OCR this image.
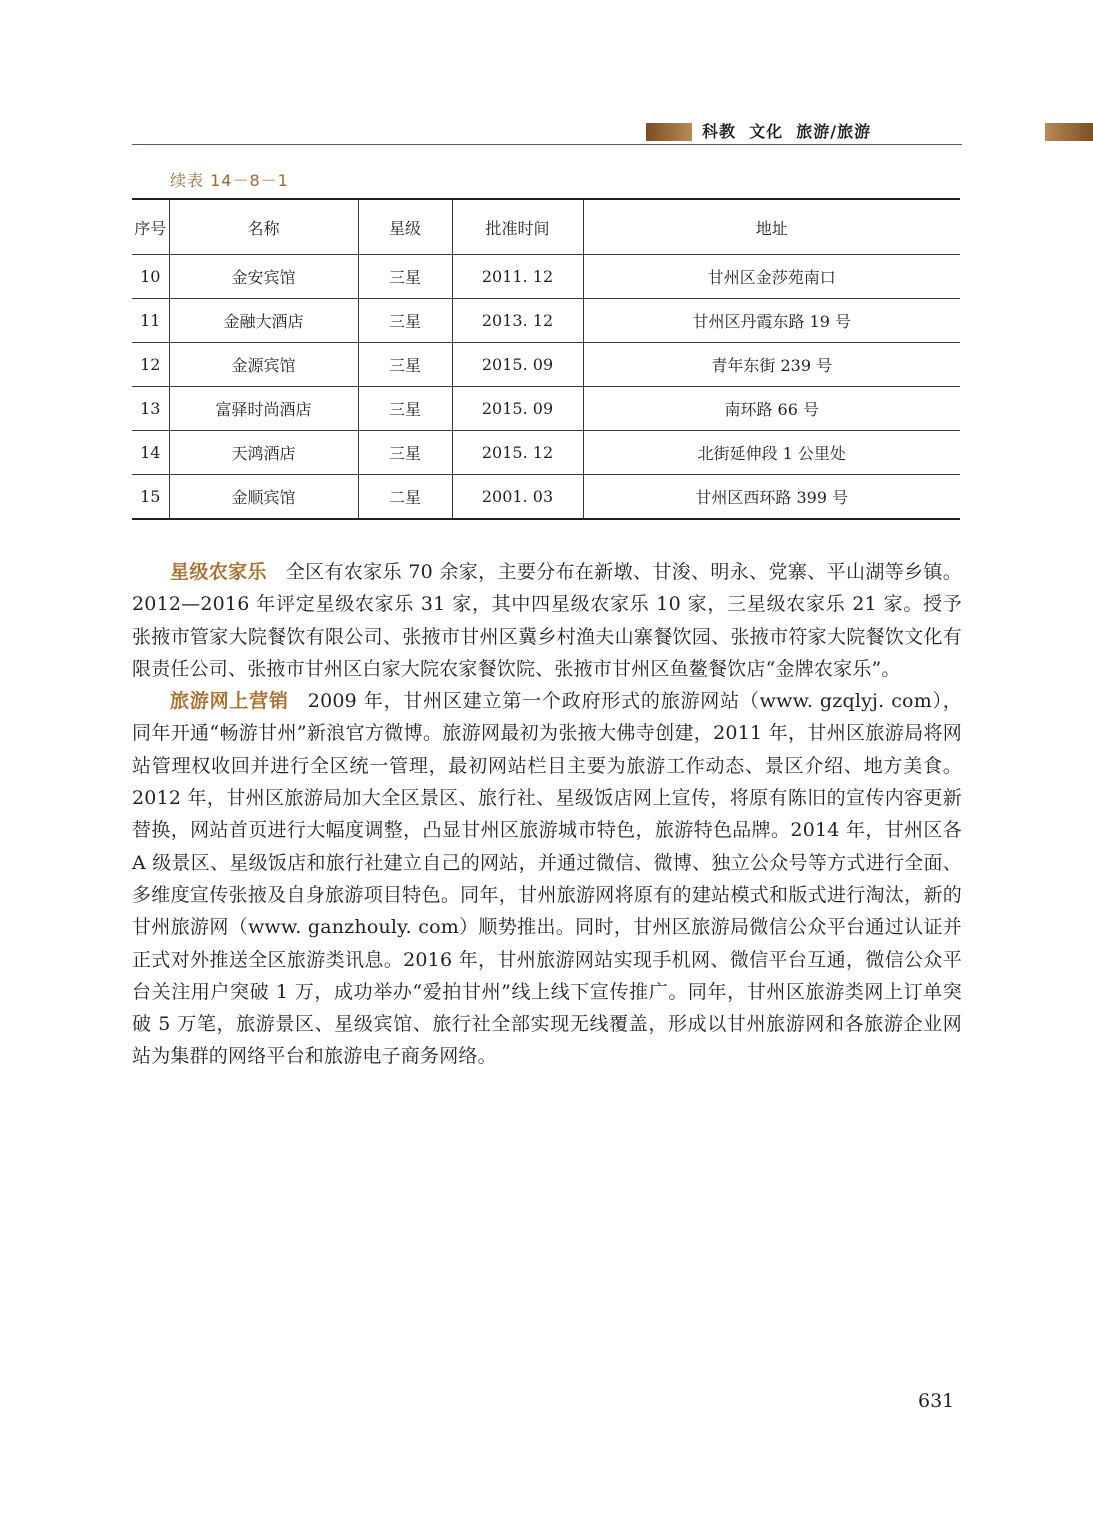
科教  文化  旅游/旅游
续表 14－8－1
序号	名称	星级	批准时间	地址
10	金安宾馆	三星	2011. 12	甘州区金莎苑南口
11	金融大酒店	三星	2013. 12	甘州区丹霞东路 19 号
12	金源宾馆	三星	2015. 09	青年东街 239 号
13	富驿时尚酒店	三星	2015. 09	南环路 66 号
14	天鸿酒店	三星	2015. 12	北街延伸段 1 公里处
15	金顺宾馆	二星	2001. 03	甘州区西环路 399 号

星级农家乐 全区有农家乐 70 余家，主要分布在新墩、甘浚、明永、党寨、平山湖等乡镇。2012—2016 年评定星级农家乐 31 家，其中四星级农家乐 10 家，三星级农家乐 21 家。授予张掖市管家大院餐饮有限公司、张掖市甘州区冀乡村渔夫山寨餐饮园、张掖市符家大院餐饮文化有限责任公司、张掖市甘州区白家大院农家餐饮院、张掖市甘州区鱼鳌餐饮店“金牌农家乐”。

旅游网上营销 2009 年，甘州区建立第一个政府形式的旅游网站（www. gzqlyj. com），同年开通“畅游甘州”新浪官方微博。旅游网最初为张掖大佛寺创建，2011 年，甘州区旅游局将网站管理权收回并进行全区统一管理，最初网站栏目主要为旅游工作动态、景区介绍、地方美食。2012 年，甘州区旅游局加大全区景区、旅行社、星级饭店网上宣传，将原有陈旧的宣传内容更新替换，网站首页进行大幅度调整，凸显甘州区旅游城市特色，旅游特色品牌。2014 年，甘州区各 A 级景区、星级饭店和旅行社建立自己的网站，并通过微信、微博、独立公众号等方式进行全面、多维度宣传张掖及自身旅游项目特色。同年，甘州旅游网将原有的建站模式和版式进行淘汰，新的甘州旅游网（www. ganzhouly. com）顺势推出。同时，甘州区旅游局微信公众平台通过认证并正式对外推送全区旅游类讯息。2016 年，甘州旅游网站实现手机网、微信平台互通，微信公众平台关注用户突破 1 万，成功举办“爱拍甘州”线上线下宣传推广。同年，甘州区旅游类网上订单突破 5 万笔，旅游景区、星级宾馆、旅行社全部实现无线覆盖，形成以甘州旅游网和各旅游企业网站为集群的网络平台和旅游电子商务网络。

631
